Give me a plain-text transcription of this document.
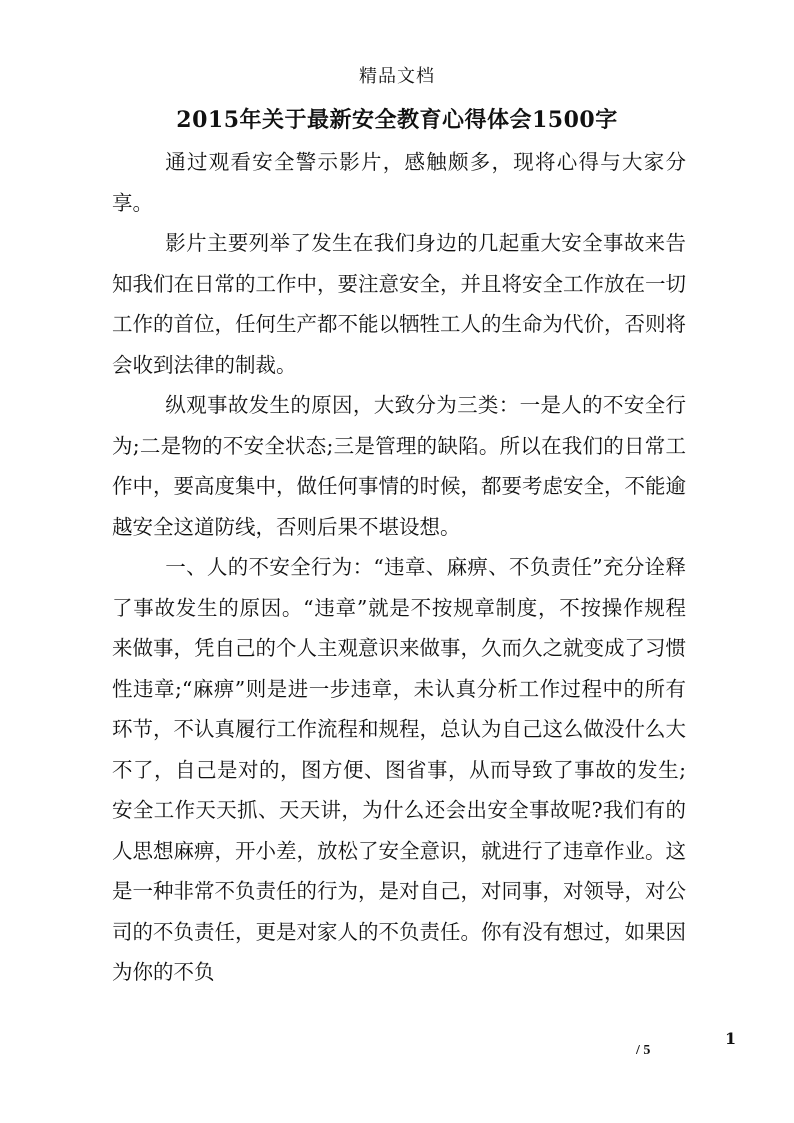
精品文档
2015年关于最新安全教育心得体会1500字

通过观看安全警示影片，感触颇多，现将心得与大家分享。

影片主要列举了发生在我们身边的几起重大安全事故来告知我们在日常的工作中，要注意安全，并且将安全工作放在一切工作的首位，任何生产都不能以牺牲工人的生命为代价，否则将会收到法律的制裁。

纵观事故发生的原因，大致分为三类：一是人的不安全行为;二是物的不安全状态;三是管理的缺陷。所以在我们的日常工作中，要高度集中，做任何事情的时候，都要考虑安全，不能逾越安全这道防线，否则后果不堪设想。

一、人的不安全行为：“违章、麻痹、不负责任”充分诠释了事故发生的原因。“违章”就是不按规章制度，不按操作规程来做事，凭自己的个人主观意识来做事，久而久之就变成了习惯性违章;“麻痹”则是进一步违章，未认真分析工作过程中的所有环节，不认真履行工作流程和规程，总认为自己这么做没什么大不了，自己是对的，图方便、图省事，从而导致了事故的发生;安全工作天天抓、天天讲，为什么还会出安全事故呢?我们有的人思想麻痹，开小差，放松了安全意识，就进行了违章作业。这是一种非常不负责任的行为，是对自己，对同事，对领导，对公司的不负责任，更是对家人的不负责任。你有没有想过，如果因为你的不负

1
/ 5
